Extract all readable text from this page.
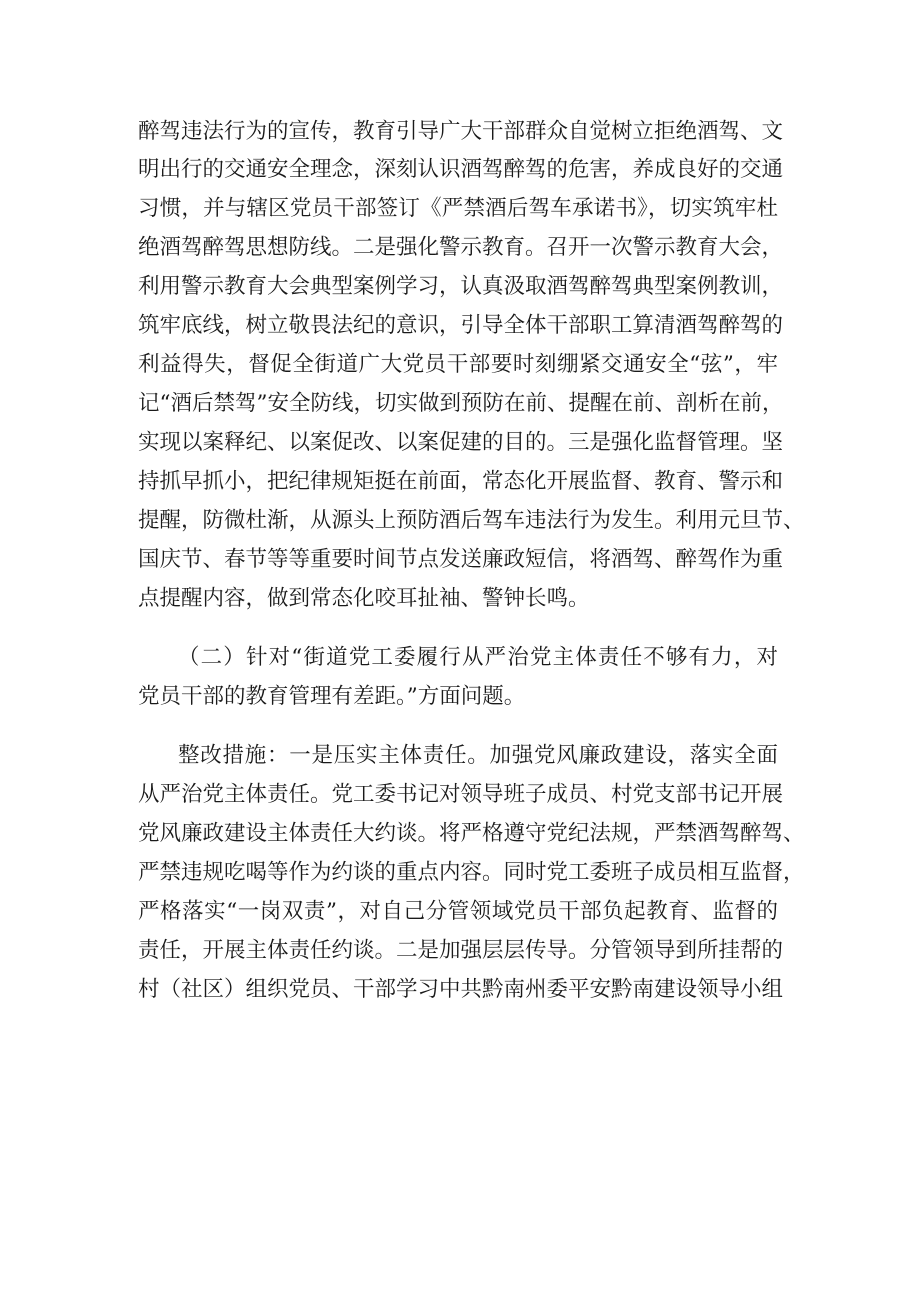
醉驾违法行为的宣传，教育引导广大干部群众自觉树立拒绝酒驾、文
明出行的交通安全理念，深刻认识酒驾醉驾的危害，养成良好的交通
习惯，并与辖区党员干部签订《严禁酒后驾车承诺书》，切实筑牢杜
绝酒驾醉驾思想防线。二是强化警示教育。召开一次警示教育大会，
利用警示教育大会典型案例学习，认真汲取酒驾醉驾典型案例教训，
筑牢底线，树立敬畏法纪的意识，引导全体干部职工算清酒驾醉驾的
利益得失，督促全街道广大党员干部要时刻绷紧交通安全“弦”，牢
记“酒后禁驾”安全防线，切实做到预防在前、提醒在前、剖析在前，
实现以案释纪、以案促改、以案促建的目的。三是强化监督管理。坚
持抓早抓小，把纪律规矩挺在前面，常态化开展监督、教育、警示和
提醒，防微杜渐，从源头上预防酒后驾车违法行为发生。利用元旦节、
国庆节、春节等等重要时间节点发送廉政短信，将酒驾、醉驾作为重
点提醒内容，做到常态化咬耳扯袖、警钟长鸣。
（二）针对“街道党工委履行从严治党主体责任不够有力，对
党员干部的教育管理有差距。”方面问题。
整改措施：一是压实主体责任。加强党风廉政建设，落实全面
从严治党主体责任。党工委书记对领导班子成员、村党支部书记开展
党风廉政建设主体责任大约谈。将严格遵守党纪法规，严禁酒驾醉驾、
严禁违规吃喝等作为约谈的重点内容。同时党工委班子成员相互监督，
严格落实“一岗双责”，对自己分管领域党员干部负起教育、监督的
责任，开展主体责任约谈。二是加强层层传导。分管领导到所挂帮的
村（社区）组织党员、干部学习中共黔南州委平安黔南建设领导小组
